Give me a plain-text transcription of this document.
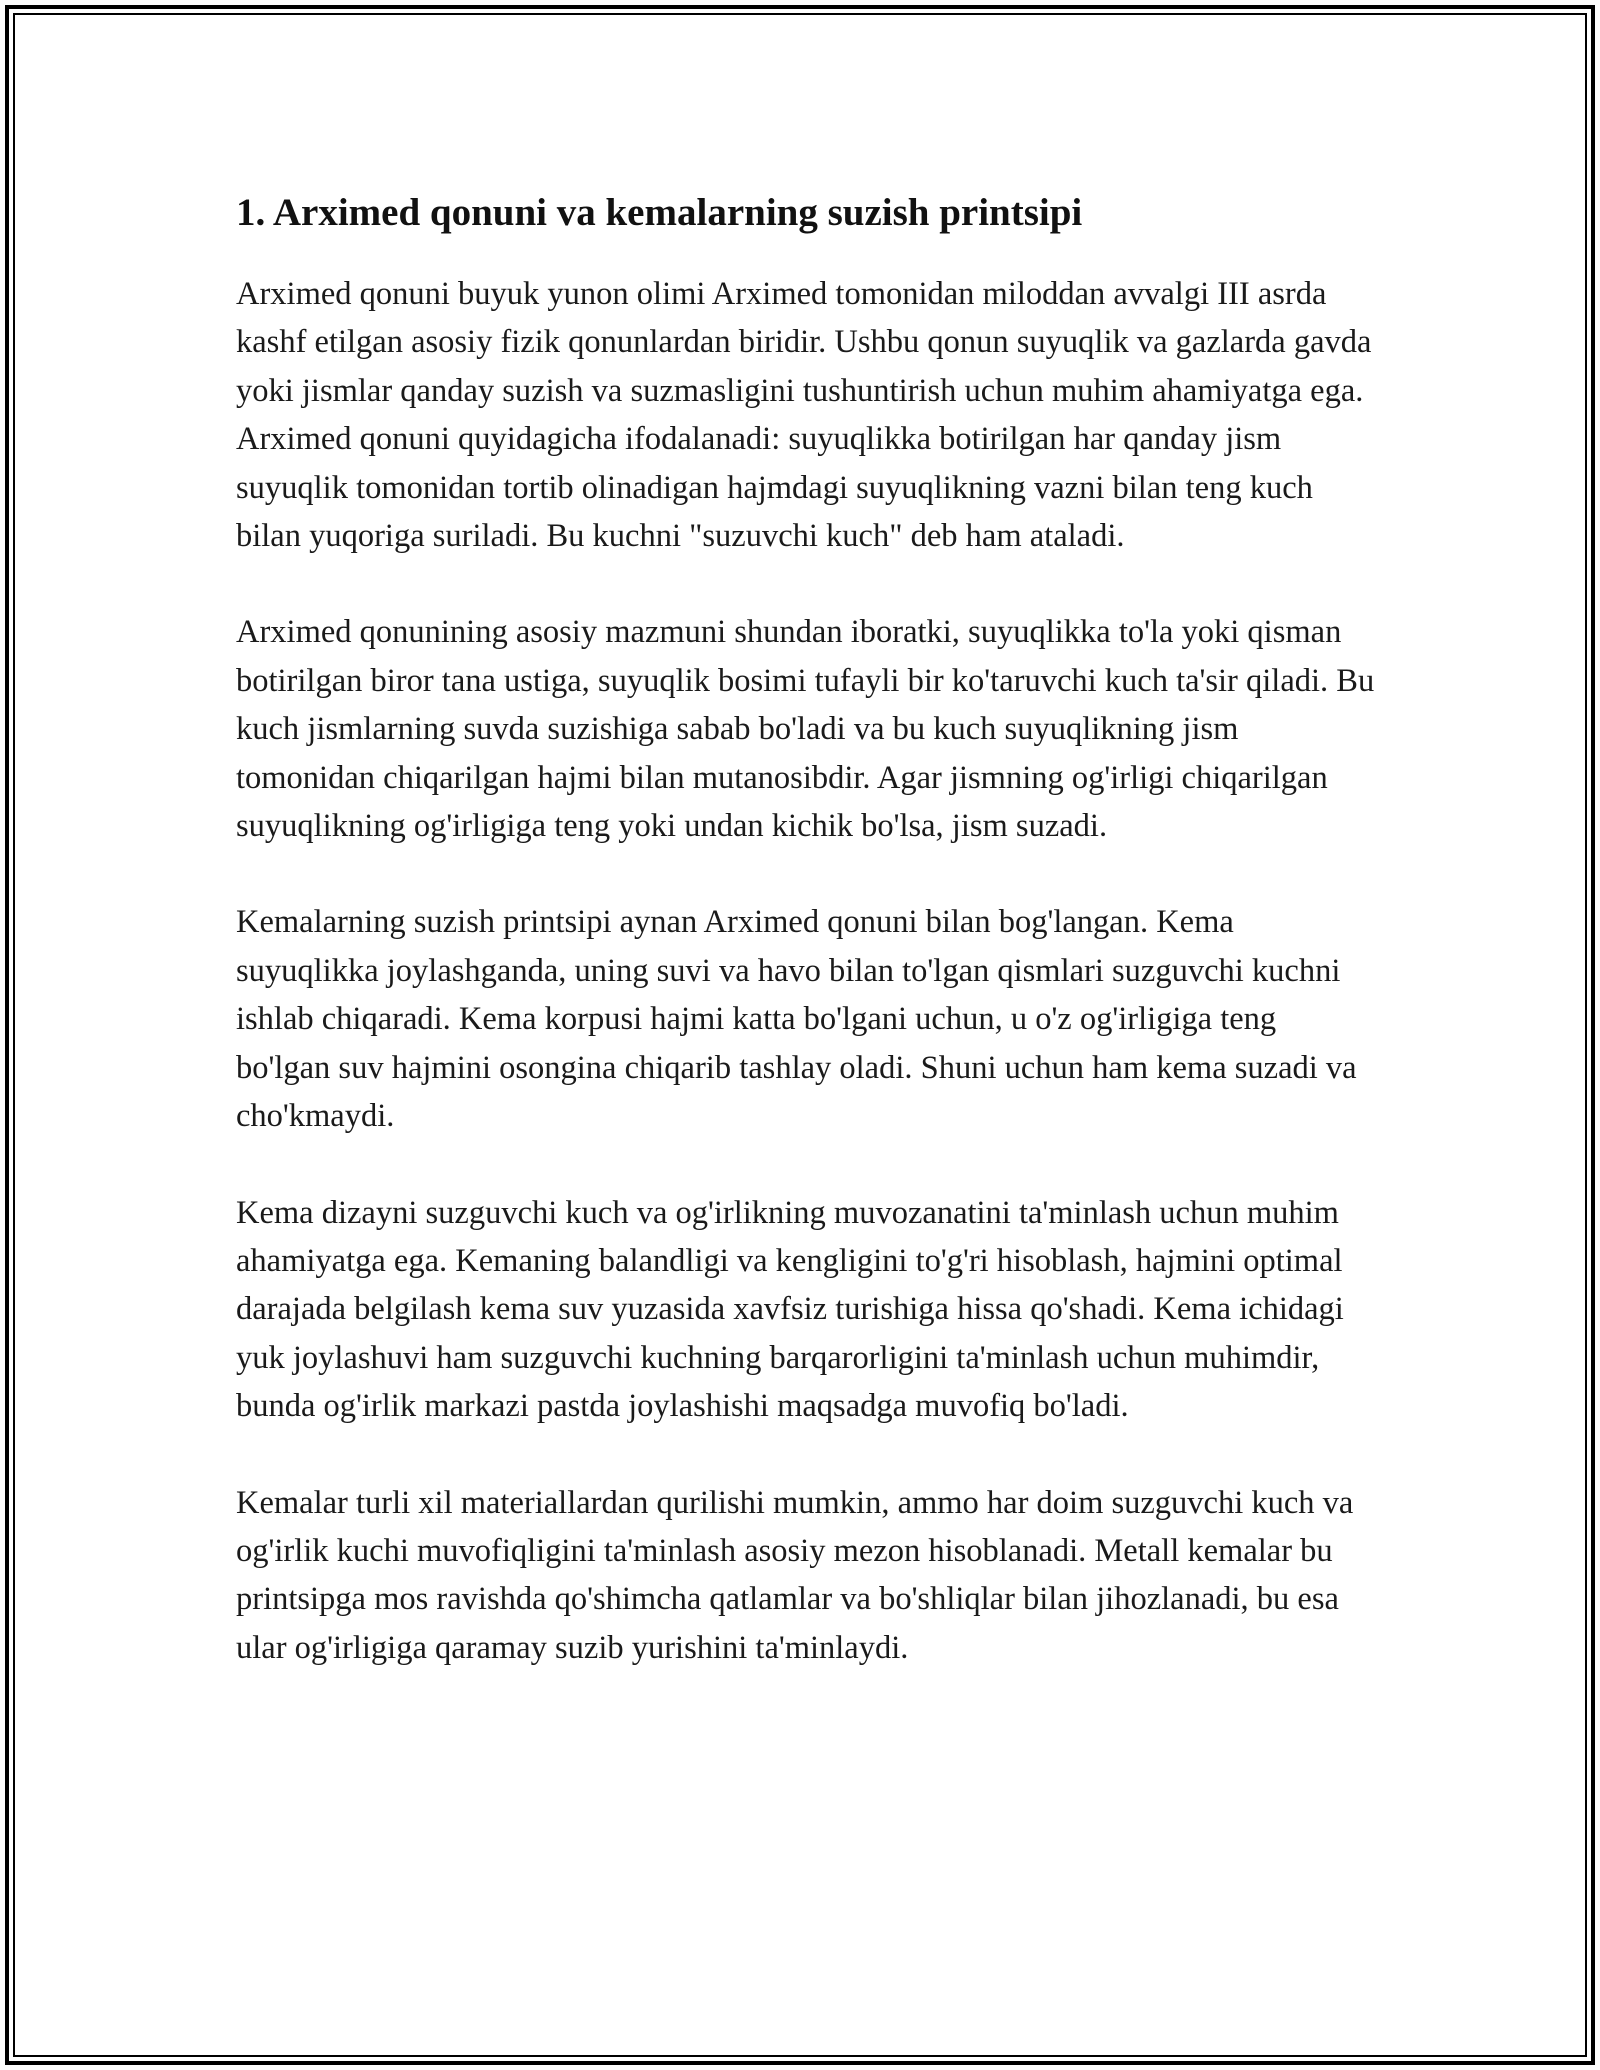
1. Arximed qonuni va kemalarning suzish printsipi

Arximed qonuni buyuk yunon olimi Arximed tomonidan miloddan avvalgi III asrda kashf etilgan asosiy fizik qonunlardan biridir. Ushbu qonun suyuqlik va gazlarda gavda yoki jismlar qanday suzish va suzmasligini tushuntirish uchun muhim ahamiyatga ega. Arximed qonuni quyidagicha ifodalanadi: suyuqlikka botirilgan har qanday jism suyuqlik tomonidan tortib olinadigan hajmdagi suyuqlikning vazni bilan teng kuch bilan yuqoriga suriladi. Bu kuchni "suzuvchi kuch" deb ham ataladi.

Arximed qonunining asosiy mazmuni shundan iboratki, suyuqlikka to'la yoki qisman botirilgan biror tana ustiga, suyuqlik bosimi tufayli bir ko'taruvchi kuch ta'sir qiladi. Bu kuch jismlarning suvda suzishiga sabab bo'ladi va bu kuch suyuqlikning jism tomonidan chiqarilgan hajmi bilan mutanosibdir. Agar jismning og'irligi chiqarilgan suyuqlikning og'irligiga teng yoki undan kichik bo'lsa, jism suzadi.

Kemalarning suzish printsipi aynan Arximed qonuni bilan bog'langan. Kema suyuqlikka joylashganda, uning suvi va havo bilan to'lgan qismlari suzguvchi kuchni ishlab chiqaradi. Kema korpusi hajmi katta bo'lgani uchun, u o'z og'irligiga teng bo'lgan suv hajmini osongina chiqarib tashlay oladi. Shuni uchun ham kema suzadi va cho'kmaydi.

Kema dizayni suzguvchi kuch va og'irlikning muvozanatini ta'minlash uchun muhim ahamiyatga ega. Kemaning balandligi va kengligini to'g'ri hisoblash, hajmini optimal darajada belgilash kema suv yuzasida xavfsiz turishiga hissa qo'shadi. Kema ichidagi yuk joylashuvi ham suzguvchi kuchning barqarorligini ta'minlash uchun muhimdir, bunda og'irlik markazi pastda joylashishi maqsadga muvofiq bo'ladi.

Kemalar turli xil materiallardan qurilishi mumkin, ammo har doim suzguvchi kuch va og'irlik kuchi muvofiqligini ta'minlash asosiy mezon hisoblanadi. Metall kemalar bu printsipga mos ravishda qo'shimcha qatlamlar va bo'shliqlar bilan jihozlanadi, bu esa ular og'irligiga qaramay suzib yurishini ta'minlaydi.
